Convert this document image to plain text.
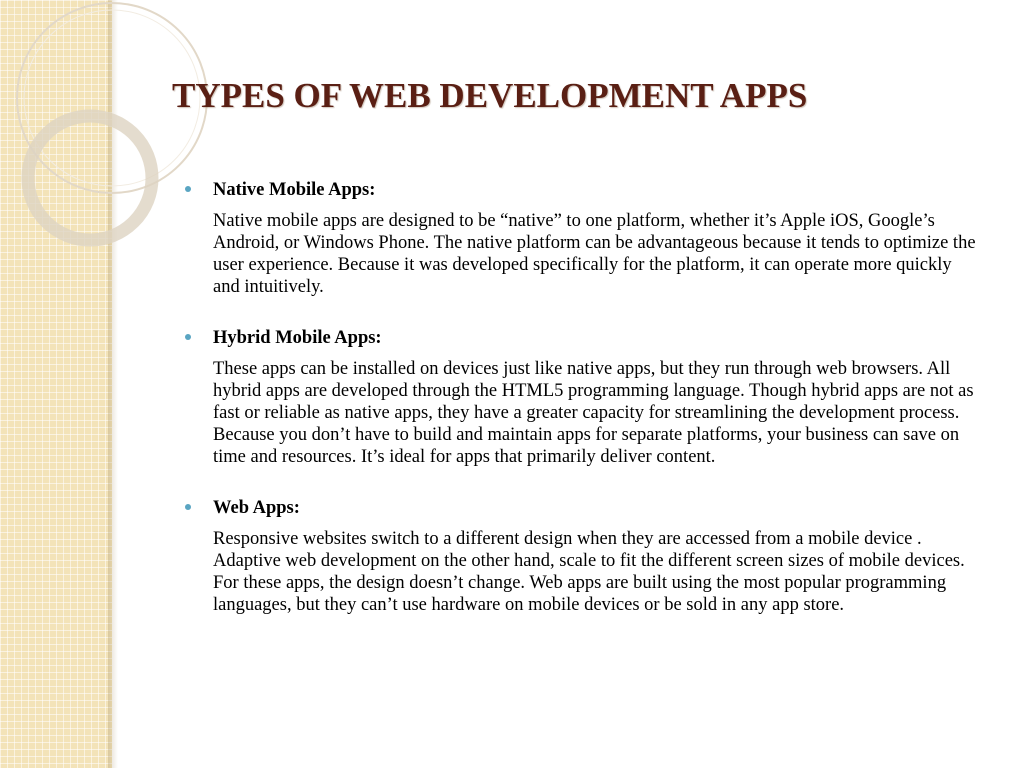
TYPES OF WEB DEVELOPMENT APPS
Native Mobile Apps:
Native mobile apps are designed to be “native” to one platform, whether it’s Apple iOS, Google’s Android, or Windows Phone. The native platform can be advantageous because it tends to optimize the user experience. Because it was developed specifically for the platform, it can operate more quickly and intuitively.
Hybrid Mobile Apps:
These apps can be installed on devices just like native apps, but they run through web browsers. All hybrid apps are developed through the HTML5 programming language. Though hybrid apps are not as fast or reliable as native apps, they have a greater capacity for streamlining the development process. Because you don’t have to build and maintain apps for separate platforms, your business can save on time and resources. It’s ideal for apps that primarily deliver content.
Web Apps:
Responsive websites switch to a different design when they are accessed from a mobile device . Adaptive web development on the other hand, scale to fit the different screen sizes of mobile devices. For these apps, the design doesn’t change. Web apps are built using the most popular programming languages, but they can’t use hardware on mobile devices or be sold in any app store.
